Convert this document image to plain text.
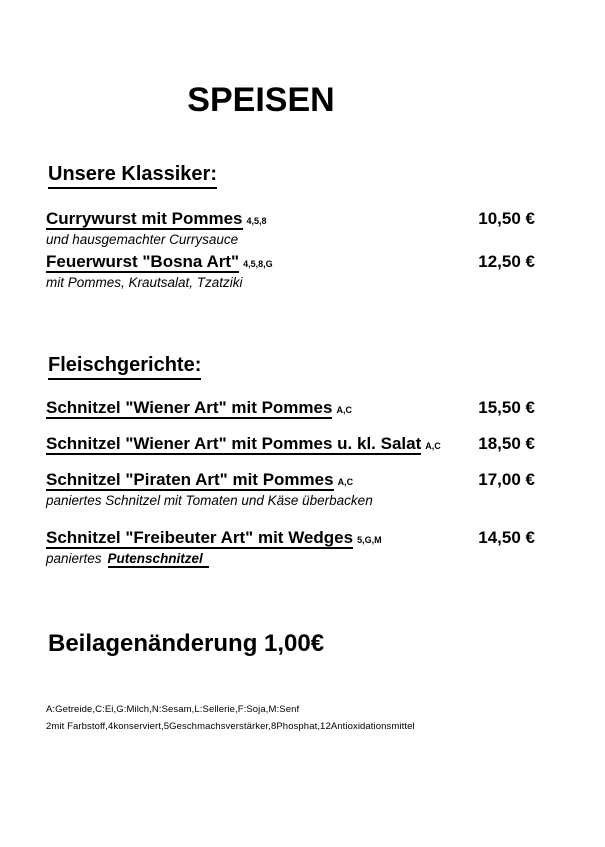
SPEISEN
Unsere Klassiker:
Currywurst mit Pommes 4,5,8	10,50 €
und hausgemachter Currysauce
Feuerwurst "Bosna Art" 4,5,8,G	12,50 €
mit Pommes, Krautsalat, Tzatziki
Fleischgerichte:
Schnitzel "Wiener Art" mit Pommes A,C	15,50 €
Schnitzel "Wiener Art" mit Pommes u. kl. Salat A,C	18,50 €
Schnitzel "Piraten Art" mit Pommes A,C	17,00 €
paniertes Schnitzel mit Tomaten und Käse überbacken
Schnitzel "Freibeuter Art" mit Wedges 5,G,M	14,50 €
paniertes Putenschnitzel
Beilagenänderung 1,00€
A:Getreide,C:Ei,G:Milch,N:Sesam,L:Sellerie,F:Soja,M:Senf
2mit Farbstoff,4konserviert,5Geschmachsverstärker,8Phosphat,12Antioxidationsmittel
